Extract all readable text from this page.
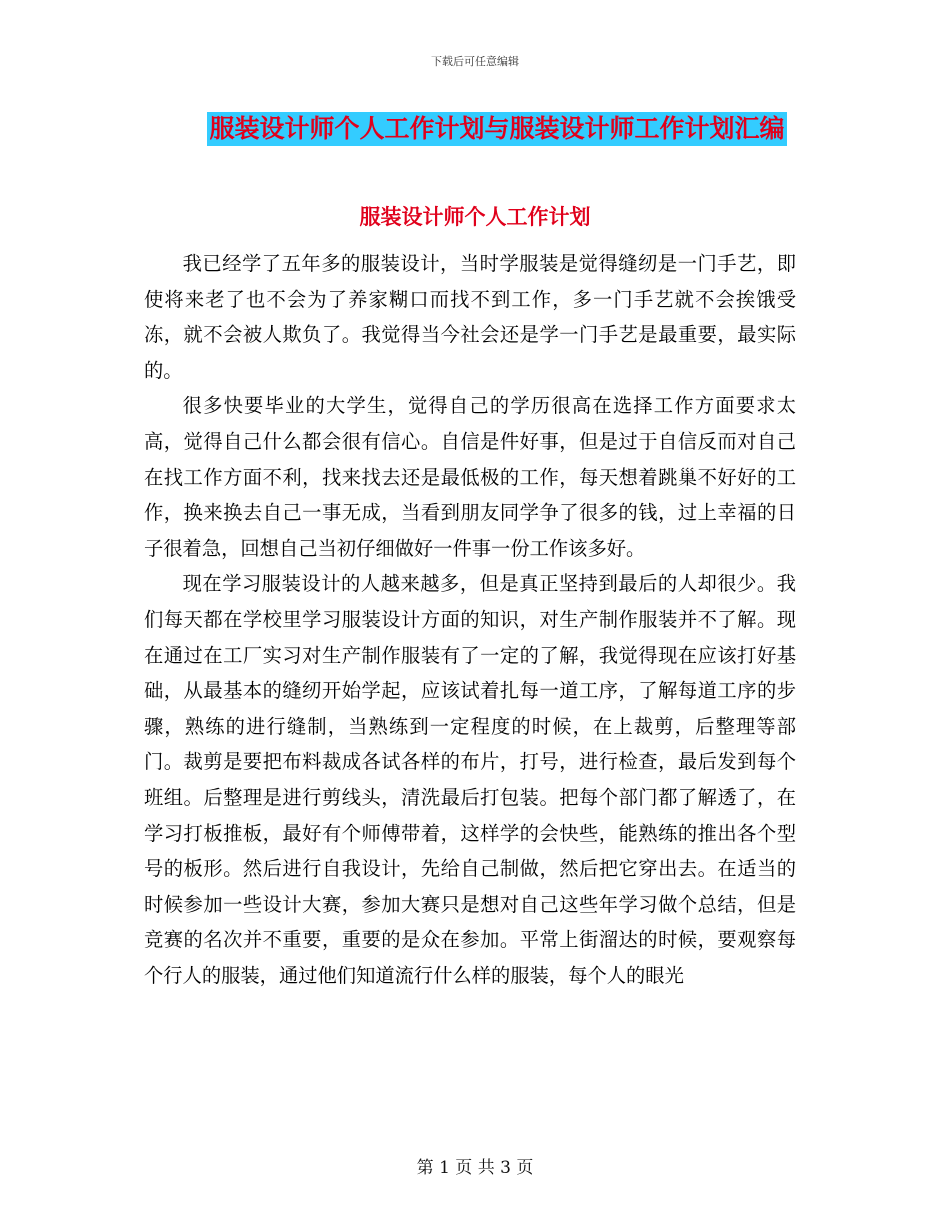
下载后可任意编辑
服装设计师个人工作计划与服装设计师工作计划汇编
服装设计师个人工作计划

我已经学了五年多的服装设计，当时学服装是觉得缝纫是一门手艺，即使将来老了也不会为了养家糊口而找不到工作，多一门手艺就不会挨饿受冻，就不会被人欺负了。我觉得当今社会还是学一门手艺是最重要，最实际的。

很多快要毕业的大学生，觉得自己的学历很高在选择工作方面要求太高，觉得自己什么都会很有信心。自信是件好事，但是过于自信反而对自己在找工作方面不利，找来找去还是最低极的工作，每天想着跳巢不好好的工作，换来换去自己一事无成，当看到朋友同学争了很多的钱，过上幸福的日子很着急，回想自己当初仔细做好一件事一份工作该多好。

现在学习服装设计的人越来越多，但是真正坚持到最后的人却很少。我们每天都在学校里学习服装设计方面的知识，对生产制作服装并不了解。现在通过在工厂实习对生产制作服装有了一定的了解，我觉得现在应该打好基础，从最基本的缝纫开始学起，应该试着扎每一道工序，了解每道工序的步骤，熟练的进行缝制，当熟练到一定程度的时候，在上裁剪，后整理等部门。裁剪是要把布料裁成各试各样的布片，打号，进行检查，最后发到每个班组。后整理是进行剪线头，清洗最后打包装。把每个部门都了解透了，在学习打板推板，最好有个师傅带着，这样学的会快些，能熟练的推出各个型号的板形。然后进行自我设计，先给自己制做，然后把它穿出去。在适当的时候参加一些设计大赛，参加大赛只是想对自己这些年学习做个总结，但是竞赛的名次并不重要，重要的是众在参加。平常上街溜达的时候，要观察每个行人的服装，通过他们知道流行什么样的服装，每个人的眼光

第 1 页 共 3 页
